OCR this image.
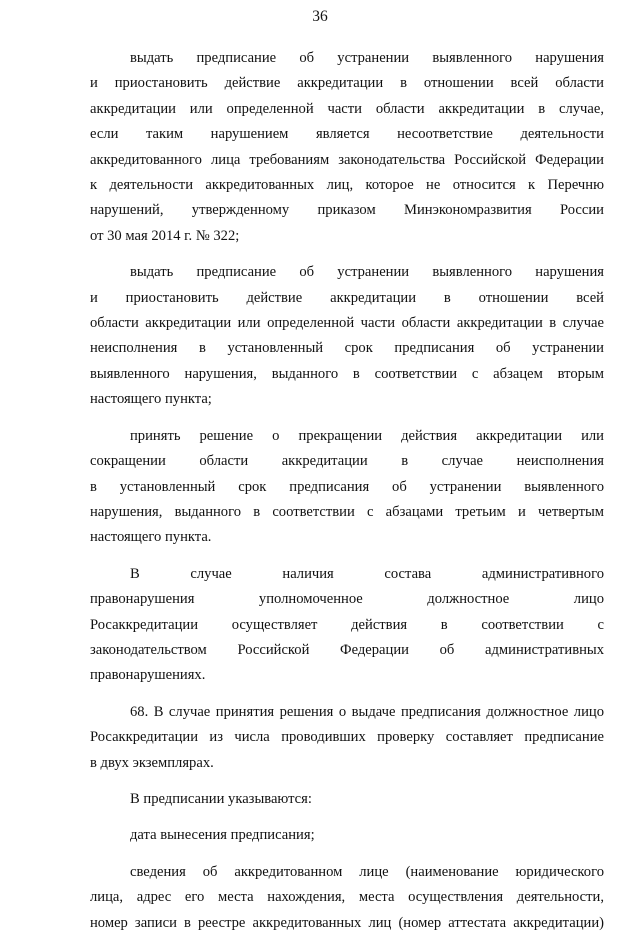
36

выдать предписание об устранении выявленного нарушения
и приостановить действие аккредитации в отношении всей области
аккредитации или определенной части области аккредитации в случае,
если таким нарушением является несоответствие деятельности
аккредитованного лица требованиям законодательства Российской Федерации
к деятельности аккредитованных лиц, которое не относится к Перечню
нарушений, утвержденному приказом Минэкономразвития России
от 30 мая 2014 г. № 322;

выдать предписание об устранении выявленного нарушения
и приостановить действие аккредитации в отношении всей
области аккредитации или определенной части области аккредитации в случае
неисполнения в установленный срок предписания об устранении
выявленного нарушения, выданного в соответствии с абзацем вторым
настоящего пункта;

принять решение о прекращении действия аккредитации или
сокращении области аккредитации в случае неисполнения
в установленный срок предписания об устранении выявленного
нарушения, выданного в соответствии с абзацами третьим и четвертым
настоящего пункта.

В случае наличия состава административного
правонарушения уполномоченное должностное лицо
Росаккредитации осуществляет действия в соответствии с
законодательством Российской Федерации об административных
правонарушениях.

68. В случае принятия решения о выдаче предписания должностное лицо
Росаккредитации из числа проводивших проверку составляет предписание
в двух экземплярах.

В предписании указываются:

дата вынесения предписания;

сведения об аккредитованном лице (наименование юридического
лица, адрес его места нахождения, места осуществления деятельности,
номер записи в реестре аккредитованных лиц (номер аттестата аккредитации)
